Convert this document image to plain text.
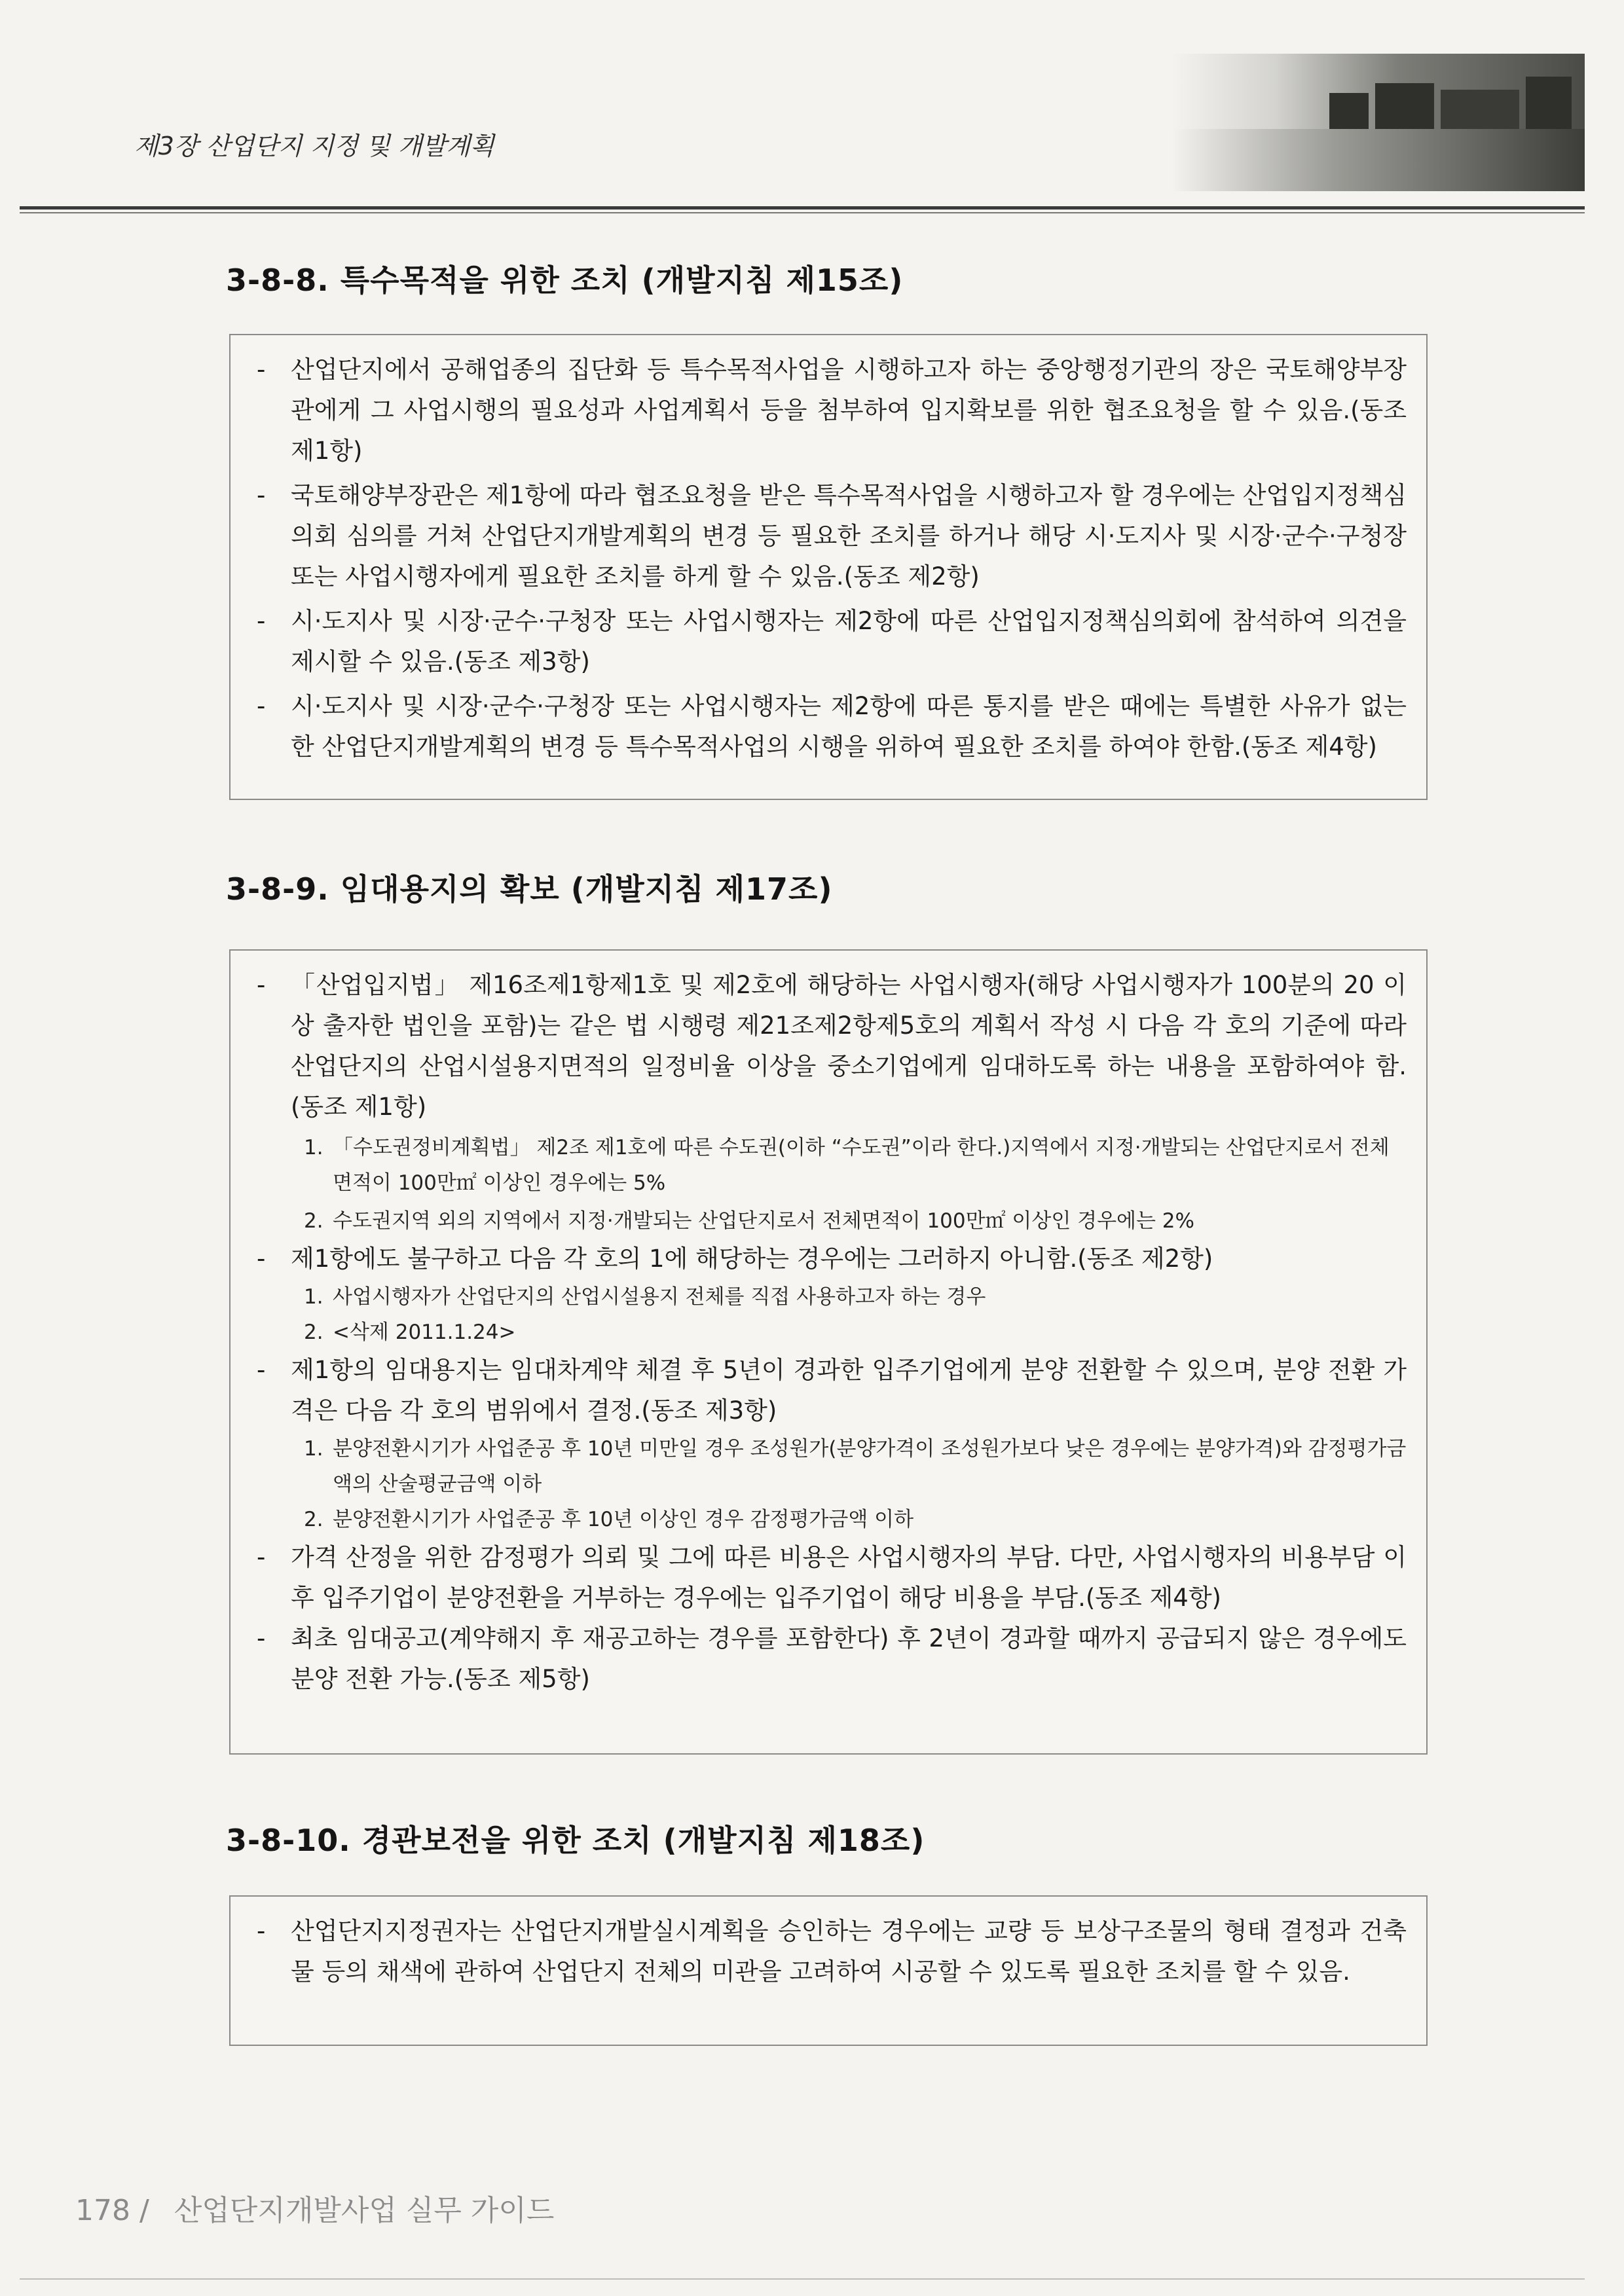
제3장 산업단지 지정 및 개발계획
3-8-8. 특수목적을 위한 조치 (개발지침 제15조)

- 산업단지에서 공해업종의 집단화 등 특수목적사업을 시행하고자 하는 중앙행정기관의 장은 국토해양부장관에게 그 사업시행의 필요성과 사업계획서 등을 첨부하여 입지확보를 위한 협조요청을 할 수 있음.(동조 제1항)

- 국토해양부장관은 제1항에 따라 협조요청을 받은 특수목적사업을 시행하고자 할 경우에는 산업입지정책심의회 심의를 거쳐 산업단지개발계획의 변경 등 필요한 조치를 하거나 해당 시·도지사 및 시장·군수·구청장 또는 사업시행자에게 필요한 조치를 하게 할 수 있음.(동조 제2항)

- 시·도지사 및 시장·군수·구청장 또는 사업시행자는 제2항에 따른 산업입지정책심의회에 참석하여 의견을 제시할 수 있음.(동조 제3항)

- 시·도지사 및 시장·군수·구청장 또는 사업시행자는 제2항에 따른 통지를 받은 때에는 특별한 사유가 없는 한 산업단지개발계획의 변경 등 특수목적사업의 시행을 위하여 필요한 조치를 하여야 한함.(동조 제4항)

3-8-9. 임대용지의 확보 (개발지침 제17조)

- 「산업입지법」 제16조제1항제1호 및 제2호에 해당하는 사업시행자(해당 사업시행자가 100분의 20 이상 출자한 법인을 포함)는 같은 법 시행령 제21조제2항제5호의 계획서 작성 시 다음 각 호의 기준에 따라 산업단지의 산업시설용지면적의 일정비율 이상을 중소기업에게 임대하도록 하는 내용을 포함하여야 함.(동조 제1항)

1. 「수도권정비계획법」 제2조 제1호에 따른 수도권(이하 “수도권”이라 한다.)지역에서 지정·개발되는 산업단지로서 전체면적이 100만㎡ 이상인 경우에는 5%

2. 수도권지역 외의 지역에서 지정·개발되는 산업단지로서 전체면적이 100만㎡ 이상인 경우에는 2%

- 제1항에도 불구하고 다음 각 호의 1에 해당하는 경우에는 그러하지 아니함.(동조 제2항)

1. 사업시행자가 산업단지의 산업시설용지 전체를 직접 사용하고자 하는 경우

2. <삭제 2011.1.24>

- 제1항의 임대용지는 임대차계약 체결 후 5년이 경과한 입주기업에게 분양 전환할 수 있으며, 분양 전환 가격은 다음 각 호의 범위에서 결정.(동조 제3항)

1. 분양전환시기가 사업준공 후 10년 미만일 경우 조성원가(분양가격이 조성원가보다 낮은 경우에는 분양가격)와 감정평가금액의 산술평균금액 이하

2. 분양전환시기가 사업준공 후 10년 이상인 경우 감정평가금액 이하

- 가격 산정을 위한 감정평가 의뢰 및 그에 따른 비용은 사업시행자의 부담. 다만, 사업시행자의 비용부담 이후 입주기업이 분양전환을 거부하는 경우에는 입주기업이 해당 비용을 부담.(동조 제4항)

- 최초 임대공고(계약해지 후 재공고하는 경우를 포함한다) 후 2년이 경과할 때까지 공급되지 않은 경우에도 분양 전환 가능.(동조 제5항)

3-8-10. 경관보전을 위한 조치 (개발지침 제18조)

- 산업단지지정권자는 산업단지개발실시계획을 승인하는 경우에는 교량 등 보상구조물의 형태 결정과 건축물 등의 채색에 관하여 산업단지 전체의 미관을 고려하여 시공할 수 있도록 필요한 조치를 할 수 있음.

178 / 산업단지개발사업 실무 가이드
